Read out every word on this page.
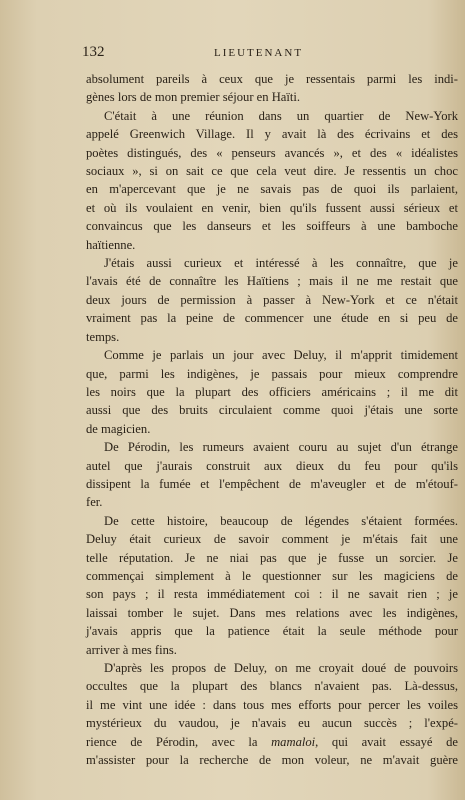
132	LIEUTENANT

absolument pareils à ceux que je ressentais parmi les indi-
gènes lors de mon premier séjour en Haïti.

C'était à une réunion dans un quartier de New-York
appelé Greenwich Village. Il y avait là des écrivains et des
poètes distingués, des « penseurs avancés », et des « idéalistes
sociaux », si on sait ce que cela veut dire. Je ressentis un choc
en m'apercevant que je ne savais pas de quoi ils parlaient,
et où ils voulaient en venir, bien qu'ils fussent aussi sérieux et
convaincus que les danseurs et les soiffeurs à une bamboche
haïtienne.

J'étais aussi curieux et intéressé à les connaître, que je
l'avais été de connaître les Haïtiens ; mais il ne me restait que
deux jours de permission à passer à New-York et ce n'était
vraiment pas la peine de commencer une étude en si peu de
temps.

Comme je parlais un jour avec Deluy, il m'apprit timidement
que, parmi les indigènes, je passais pour mieux comprendre
les noirs que la plupart des officiers américains ; il me dit
aussi que des bruits circulaient comme quoi j'étais une sorte
de magicien.

De Pérodin, les rumeurs avaient couru au sujet d'un étrange
autel que j'aurais construit aux dieux du feu pour qu'ils
dissipent la fumée et l'empêchent de m'aveugler et de m'étouf-
fer.

De cette histoire, beaucoup de légendes s'étaient formées.
Deluy était curieux de savoir comment je m'étais fait une
telle réputation. Je ne niai pas que je fusse un sorcier. Je
commençai simplement à le questionner sur les magiciens de
son pays ; il resta immédiatement coi : il ne savait rien ; je
laissai tomber le sujet. Dans mes relations avec les indigènes,
j'avais appris que la patience était la seule méthode pour
arriver à mes fins.

D'après les propos de Deluy, on me croyait doué de pouvoirs
occultes que la plupart des blancs n'avaient pas. Là-dessus,
il me vint une idée : dans tous mes efforts pour percer les voiles
mystérieux du vaudou, je n'avais eu aucun succès ; l'expé-
rience de Pérodin, avec la mamaloi, qui avait essayé de
m'assister pour la recherche de mon voleur, ne m'avait guère
